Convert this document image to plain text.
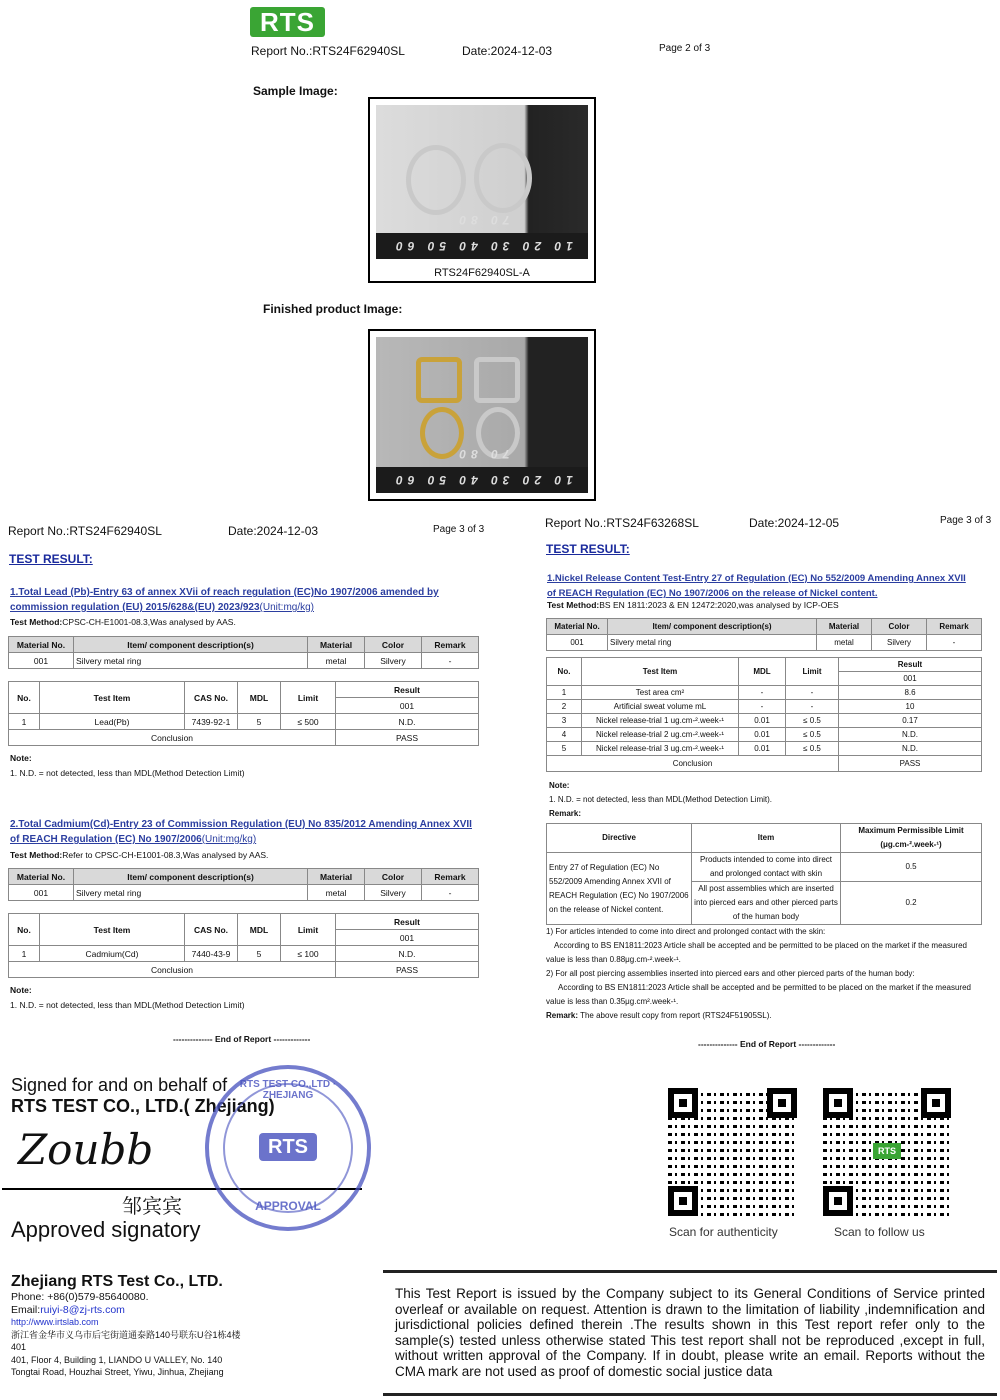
RTS
Report No.:RTS24F62940SL	Date:2024-12-03	Page 2 of 3
Sample Image:
10 20 30 40 50 60 70 80
RTS24F62940SL-A
Finished product Image:
10 20 30 40 50 60 70 80
Report No.:RTS24F62940SL	Date:2024-12-03	Page 3 of 3
TEST RESULT:
1.Total Lead (Pb)-Entry 63 of annex XVii of reach regulation (EC)No 1907/2006 amended by commission regulation (EU) 2015/628&(EU) 2023/923(Unit:mg/kg)
Test Method:CPSC-CH-E1001-08.3,Was analysed by AAS.
Material No.	Item/ component description(s)	Material	Color	Remark
001	Silvery metal ring	metal	Silvery	-
No.	Test Item	CAS No.	MDL	Limit	Result
					001
1	Lead(Pb)	7439-92-1	5	≤ 500	N.D.
Conclusion					PASS
Note:
1. N.D. = not detected, less than MDL(Method Detection Limit)
2.Total Cadmium(Cd)-Entry 23 of Commission Regulation (EU) No 835/2012 Amending Annex XVII of REACH Regulation (EC) No 1907/2006(Unit:mg/kg)
Test Method:Refer to CPSC-CH-E1001-08.3,Was analysed by AAS.
Material No.	Item/ component description(s)	Material	Color	Remark
001	Silvery metal ring	metal	Silvery	-
No.	Test Item	CAS No.	MDL	Limit	Result
					001
1	Cadmium(Cd)	7440-43-9	5	≤ 100	N.D.
Conclusion					PASS
Note:
1. N.D. = not detected, less than MDL(Method Detection Limit)
-------------- End of Report -------------
Report No.:RTS24F63268SL	Date:2024-12-05	Page 3 of 3
TEST RESULT:
1.Nickel Release Content Test-Entry 27 of Regulation (EC) No 552/2009 Amending Annex XVII of REACH Regulation (EC) No 1907/2006 on the release of Nickel content.
Test Method:BS EN 1811:2023 & EN 12472:2020,was analysed by ICP-OES
Material No.	Item/ component description(s)	Material	Color	Remark
001	Silvery metal ring	metal	Silvery	-
No.	Test Item	MDL	Limit	Result
				001
1	Test area cm²	-	-	8.6
2	Artificial sweat volume mL	-	-	10
3	Nickel release-trial 1 ug.cm-².week-¹	0.01	≤ 0.5	0.17
4	Nickel release-trial 2 ug.cm-².week-¹	0.01	≤ 0.5	N.D.
5	Nickel release-trial 3 ug.cm-².week-¹	0.01	≤ 0.5	N.D.
Conclusion				PASS
Note:
1. N.D. = not detected, less than MDL(Method Detection Limit).
Remark:
Directive	Item	Maximum Permissible Limit (μg.cm-².week-¹)
Entry 27 of Regulation (EC) No 552/2009 Amending Annex XVII of REACH Regulation (EC) No 1907/2006 on the release of Nickel content.	Products intended to come into direct and prolonged contact with skin	0.5
	All post assemblies which are inserted into pierced ears and other pierced parts of the human body	0.2
1) For articles intended to come into direct and prolonged contact with the skin:
According to BS EN1811:2023 Article shall be accepted and be permitted to be placed on the market if the measured value is less than 0.88μg.cm-².week-¹.
2) For all post piercing assemblies inserted into pierced ears and other pierced parts of the human body:
According to BS EN1811:2023 Article shall be accepted and be permitted to be placed on the market if the measured value is less than 0.35μg.cm².week-¹.
Remark: The above result copy from report (RTS24F51905SL).
-------------- End of Report -------------
Signed for and on behalf of
RTS TEST CO., LTD.( Zhejiang)
Zoubb
邹宾宾
Approved signatory
RTS TEST CO.,LTD · ZHEJIANG
RTS
APPROVAL
RTS
Scan for authenticity	Scan to follow us
Zhejiang RTS Test Co., LTD.
Phone: +86(0)579-85640080.
Email:ruiyi-8@zj-rts.com
http://www.irtslab.com
浙江省金华市义乌市后宅街道通泰路140号联东U谷1栋4楼401
401, Floor 4, Building 1, LIANDO U VALLEY, No. 140 Tongtai Road, Houzhai Street, Yiwu, Jinhua, Zhejiang
This Test Report is issued by the Company subject to its General Conditions of Service printed overleaf or available on request. Attention is drawn to the limitation of liability ,indemnification and jurisdictional policies defined therein .The results shown in this Test report refer only to the sample(s) tested unless otherwise stated This test report shall not be reproduced ,except in full, without written approval of the Company. If in doubt, please write an email. Reports without the CMA mark are not used as proof of domestic social justice data
